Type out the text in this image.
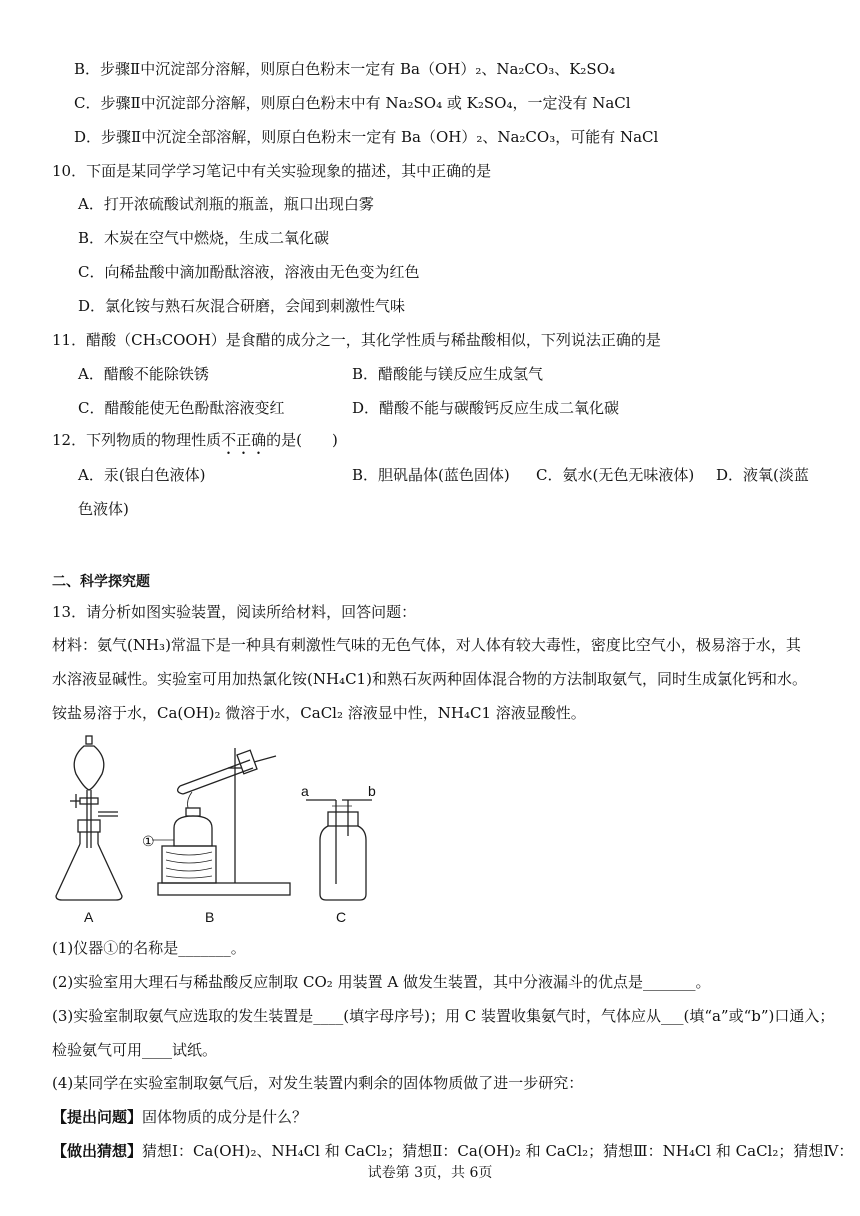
B．步骤Ⅱ中沉淀部分溶解，则原白色粉末一定有 Ba（OH）₂、Na₂CO₃、K₂SO₄
C．步骤Ⅱ中沉淀部分溶解，则原白色粉末中有 Na₂SO₄ 或 K₂SO₄，一定没有 NaCl
D．步骤Ⅱ中沉淀全部溶解，则原白色粉末一定有 Ba（OH）₂、Na₂CO₃，可能有 NaCl
10．下面是某同学学习笔记中有关实验现象的描述，其中正确的是
A．打开浓硫酸试剂瓶的瓶盖，瓶口出现白雾
B．木炭在空气中燃烧，生成二氧化碳
C．向稀盐酸中滴加酚酞溶液，溶液由无色变为红色
D．氯化铵与熟石灰混合研磨，会闻到刺激性气味
11．醋酸（CH₃COOH）是食醋的成分之一，其化学性质与稀盐酸相似，下列说法正确的是
A．醋酸不能除铁锈	B．醋酸能与镁反应生成氢气
C．醋酸能使无色酚酞溶液变红	D．醋酸不能与碳酸钙反应生成二氧化碳
12．下列物质的物理性质不正确的是(　　)
A．汞(银白色液体)	B．胆矾晶体(蓝色固体) C．氨水(无色无味液体) D．液氧(淡蓝
色液体)
二、科学探究题
13．请分析如图实验装置，阅读所给材料，回答问题：
材料：氨气(NH₃)常温下是一种具有刺激性气味的无色气体，对人体有较大毒性，密度比空气小，极易溶于水，其
水溶液显碱性。实验室可用加热氯化铵(NH₄C1)和熟石灰两种固体混合物的方法制取氨气，同时生成氯化钙和水。
铵盐易溶于水，Ca(OH)₂ 微溶于水，CaCl₂ 溶液显中性，NH₄C1 溶液显酸性。
A
①
B
a	b
C
(1)仪器①的名称是_______。
(2)实验室用大理石与稀盐酸反应制取 CO₂ 用装置 A 做发生装置，其中分液漏斗的优点是_______。
(3)实验室制取氨气应选取的发生装置是____(填字母序号)；用 C 装置收集氨气时，气体应从___(填“a”或“b”)口通入；
检验氨气可用____试纸。
(4)某同学在实验室制取氨气后，对发生装置内剩余的固体物质做了进一步研究：
【提出问题】固体物质的成分是什么？
【做出猜想】猜想Ⅰ：Ca(OH)₂、NH₄Cl 和 CaCl₂；猜想Ⅱ：Ca(OH)₂ 和 CaCl₂；猜想Ⅲ：NH₄Cl 和 CaCl₂；猜想Ⅳ：
试卷第 3页，共 6页
